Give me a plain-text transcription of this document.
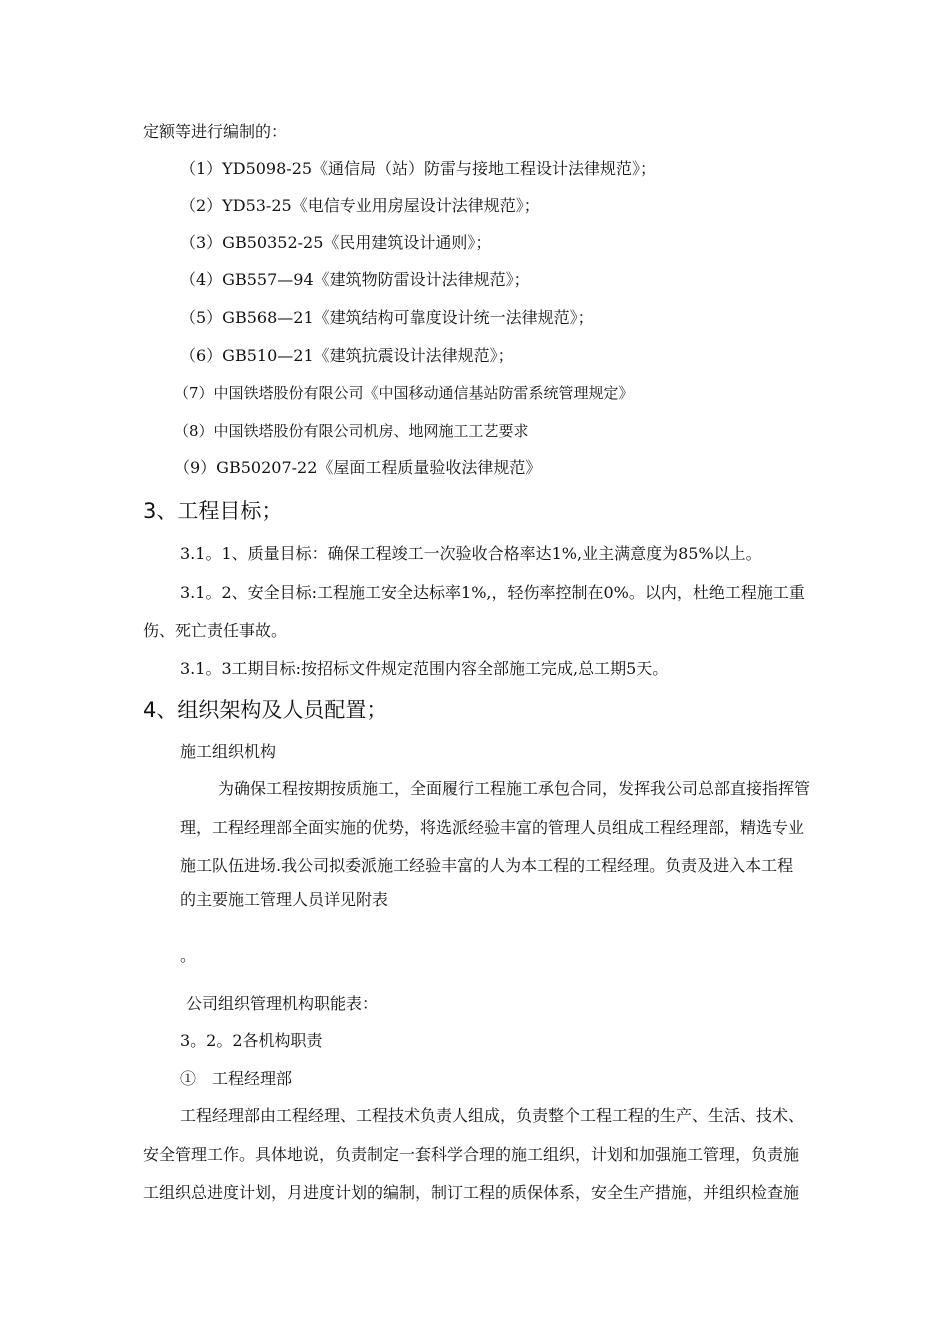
定额等进行编制的：
（1）YD5098-25《通信局（站）防雷与接地工程设计法律规范》；
（2）YD53-25《电信专业用房屋设计法律规范》；
（3）GB50352-25《民用建筑设计通则》；
（4）GB557—94《建筑物防雷设计法律规范》；
（5）GB568—21《建筑结构可靠度设计统一法律规范》；
（6）GB510—21《建筑抗震设计法律规范》；
（7）中国铁塔股份有限公司《中国移动通信基站防雷系统管理规定》
（8）中国铁塔股份有限公司机房、地网施工工艺要求
（9）GB50207-22《屋面工程质量验收法律规范》
3、工程目标；
3.1。1、质量目标：确保工程竣工一次验收合格率达1%,业主满意度为85%以上。
3.1。2、安全目标:工程施工安全达标率1%,，轻伤率控制在0%。以内，杜绝工程施工重
伤、死亡责任事故。
3.1。3工期目标:按招标文件规定范围内容全部施工完成,总工期5天。
4、组织架构及人员配置；
施工组织机构
为确保工程按期按质施工，全面履行工程施工承包合同，发挥我公司总部直接指挥管
理，工程经理部全面实施的优势，将选派经验丰富的管理人员组成工程经理部，精选专业
施工队伍进场.我公司拟委派施工经验丰富的人为本工程的工程经理。负责及进入本工程
的主要施工管理人员详见附表
。
公司组织管理机构职能表：
3。2。2各机构职责
①　工程经理部
工程经理部由工程经理、工程技术负责人组成，负责整个工程工程的生产、生活、技术、
安全管理工作。具体地说，负责制定一套科学合理的施工组织，计划和加强施工管理，负责施
工组织总进度计划，月进度计划的编制，制订工程的质保体系，安全生产措施，并组织检查施
